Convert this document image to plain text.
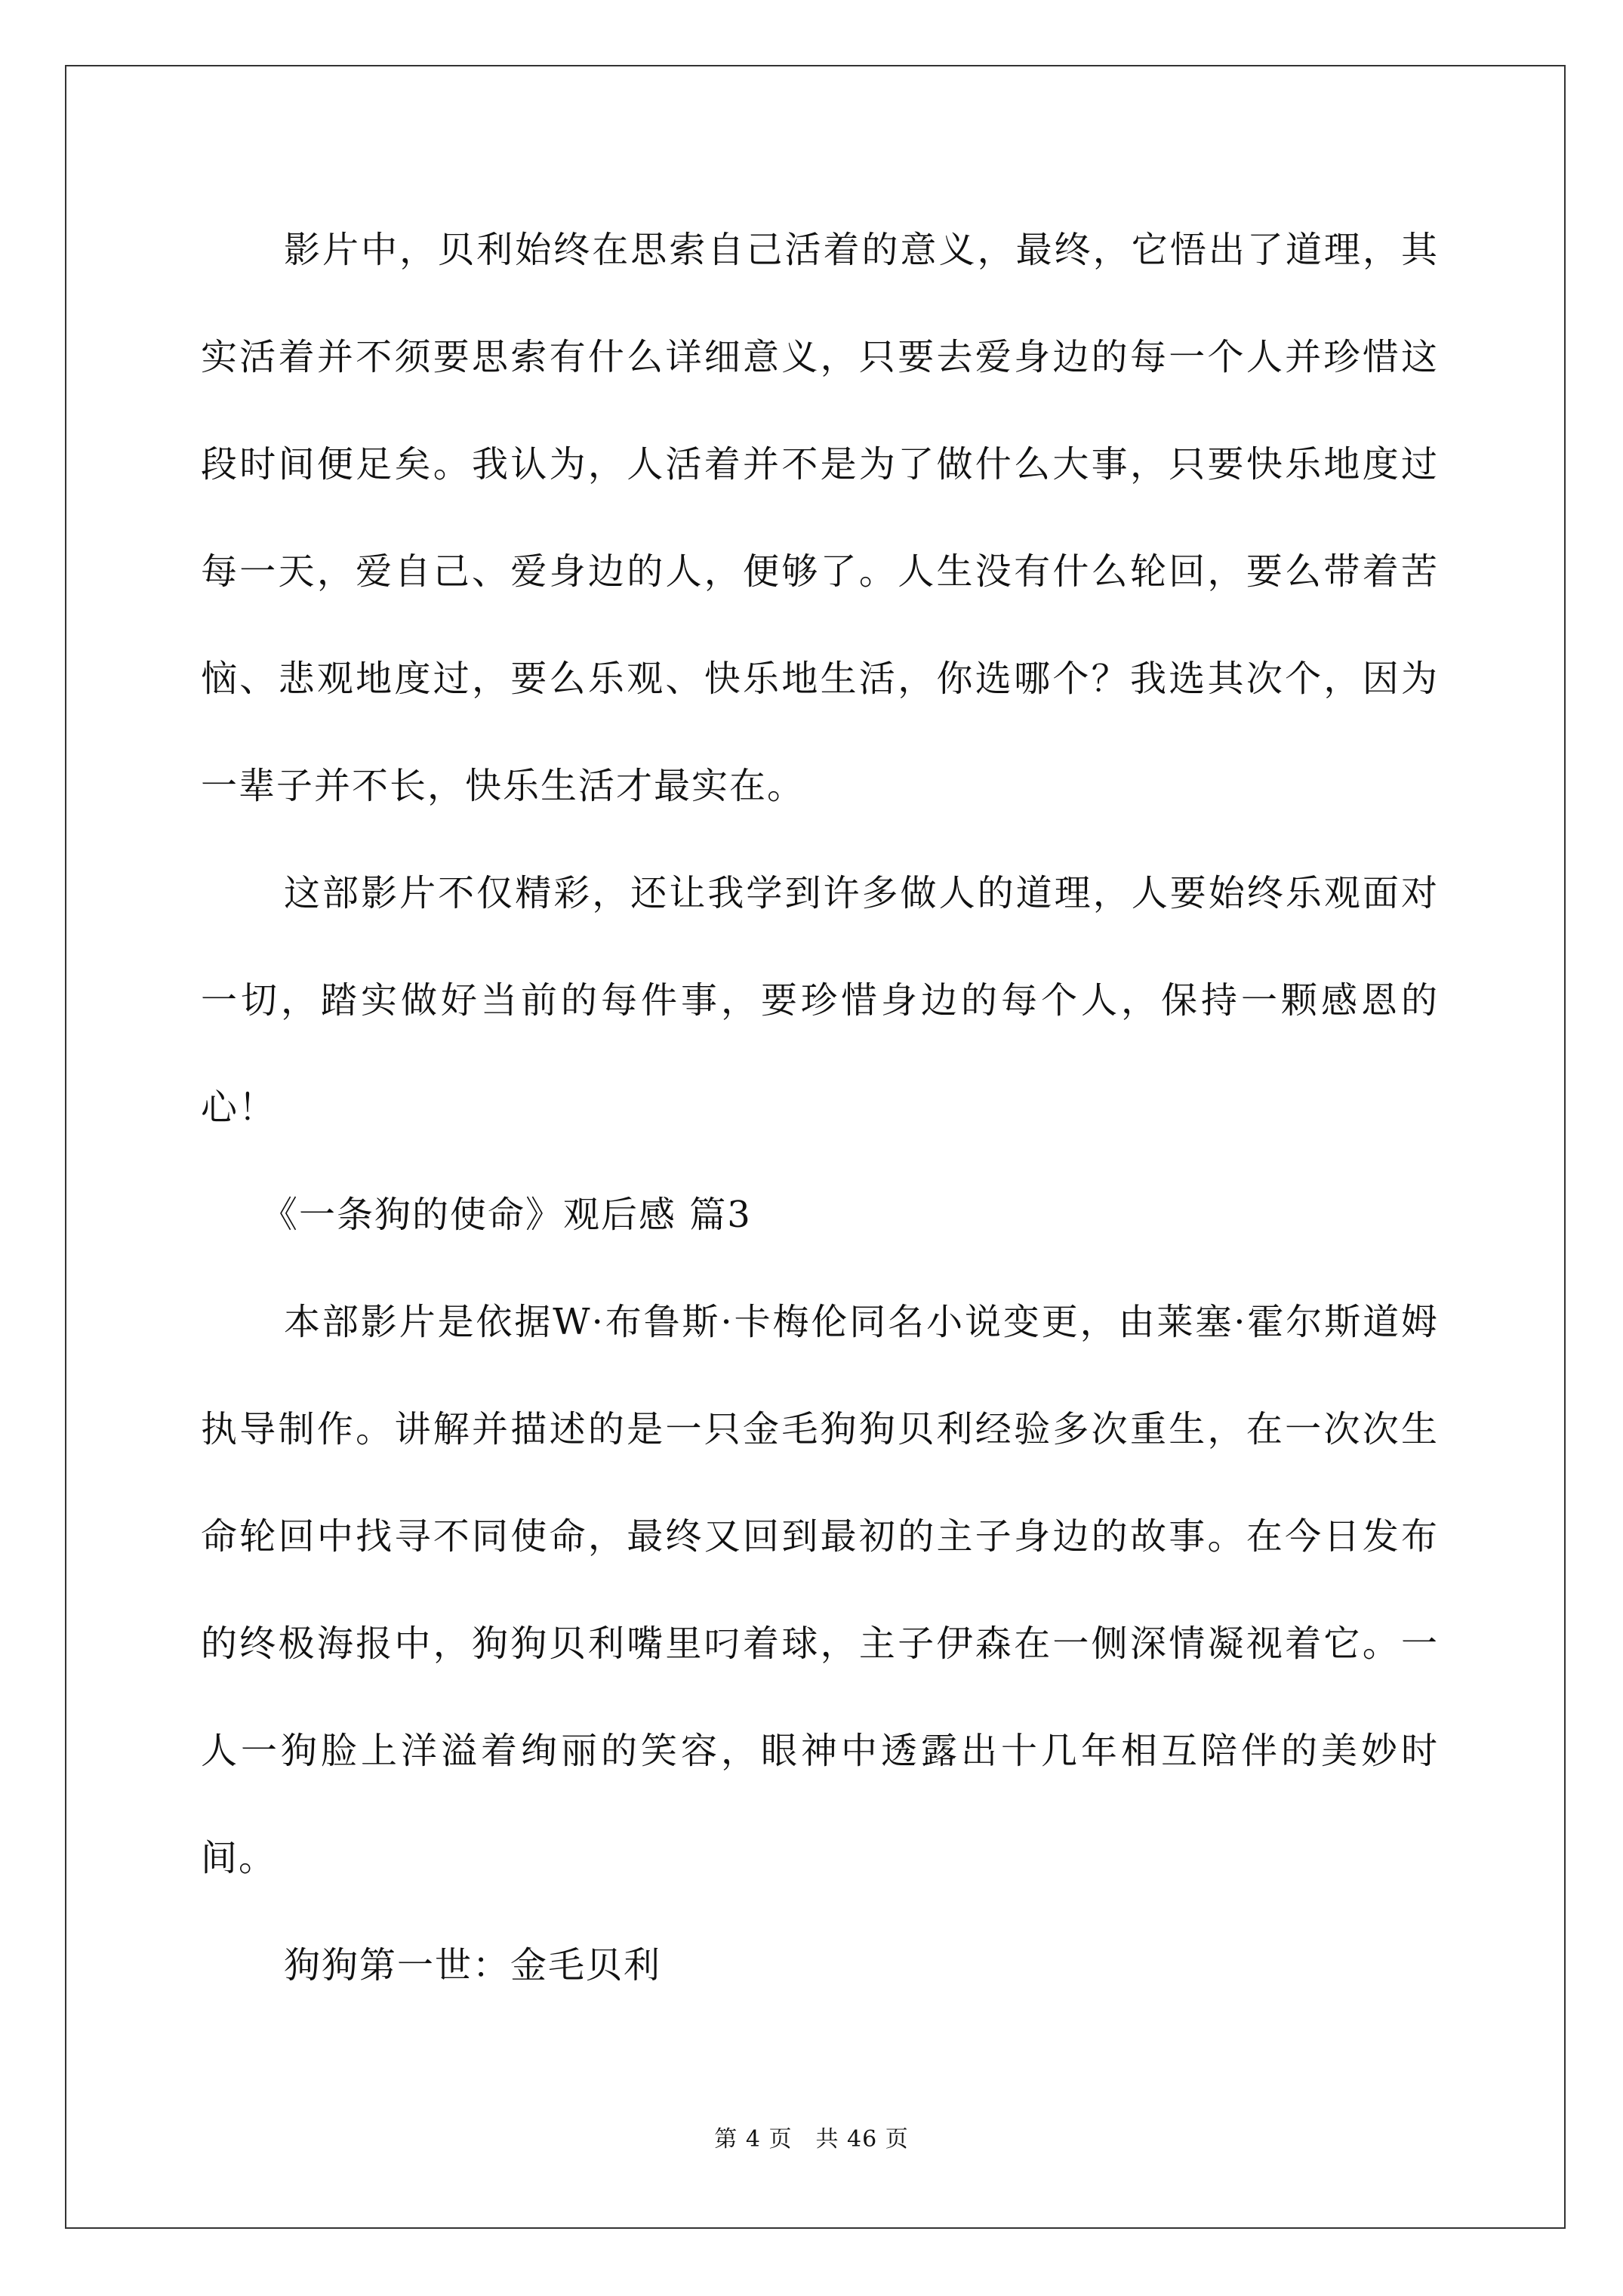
影片中，贝利始终在思索自己活着的意义，最终，它悟出了道理，其实活着并不须要思索有什么详细意义，只要去爱身边的每一个人并珍惜这段时间便足矣。我认为，人活着并不是为了做什么大事，只要快乐地度过每一天，爱自己、爱身边的人，便够了。人生没有什么轮回，要么带着苦恼、悲观地度过，要么乐观、快乐地生活，你选哪个？我选其次个，因为一辈子并不长，快乐生活才最实在。

这部影片不仅精彩，还让我学到许多做人的道理，人要始终乐观面对一切，踏实做好当前的每件事，要珍惜身边的每个人，保持一颗感恩的心！

《一条狗的使命》观后感 篇3

本部影片是依据W·布鲁斯·卡梅伦同名小说变更，由莱塞·霍尔斯道姆执导制作。讲解并描述的是一只金毛狗狗贝利经验多次重生，在一次次生命轮回中找寻不同使命，最终又回到最初的主子身边的故事。在今日发布的终极海报中，狗狗贝利嘴里叼着球，主子伊森在一侧深情凝视着它。一人一狗脸上洋溢着绚丽的笑容，眼神中透露出十几年相互陪伴的美妙时间。

狗狗第一世：金毛贝利

第 4 页　共 46 页
